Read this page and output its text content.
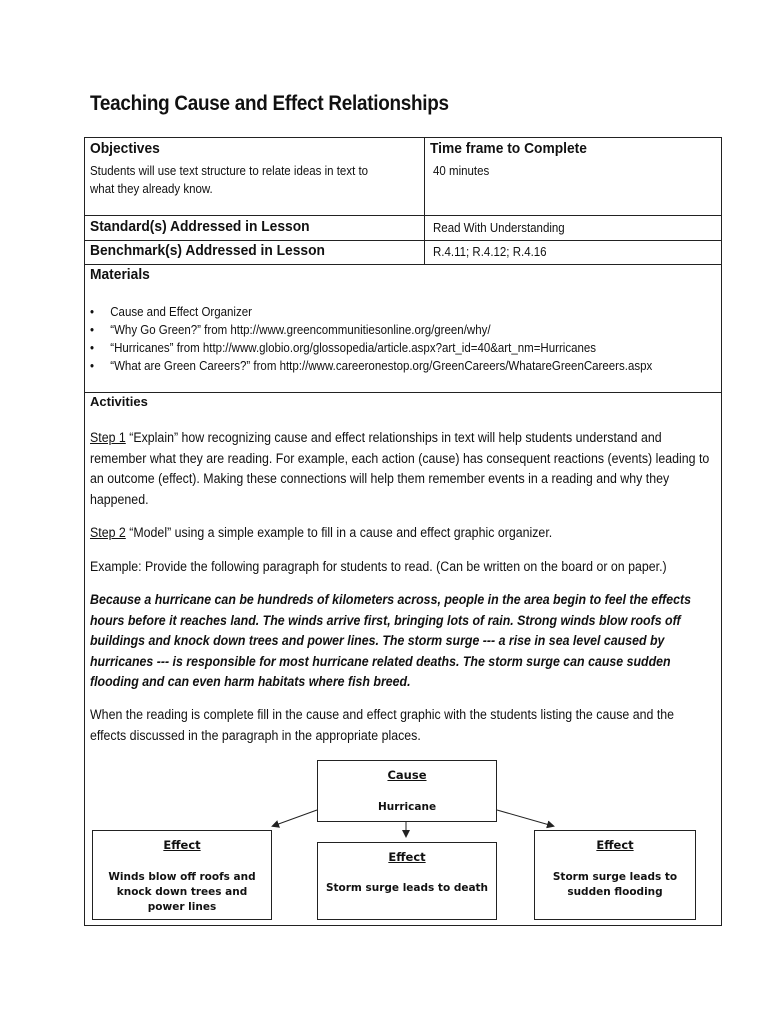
Teaching Cause and Effect Relationships
Objectives
Students will use text structure to relate ideas in text to
what they already know.
Time frame to Complete
40 minutes
Standard(s) Addressed in Lesson	Read With Understanding
Benchmark(s) Addressed in Lesson	R.4.11; R.4.12; R.4.16
Materials
• Cause and Effect Organizer
• “Why Go Green?” from http://www.greencommunitiesonline.org/green/why/
• “Hurricanes” from http://www.globio.org/glossopedia/article.aspx?art_id=40&art_nm=Hurricanes
• “What are Green Careers?” from http://www.careeronestop.org/GreenCareers/WhatareGreenCareers.aspx
Activities
Step 1 “Explain” how recognizing cause and effect relationships in text will help students understand and remember what they are reading. For example, each action (cause) has consequent reactions (events) leading to an outcome (effect). Making these connections will help them remember events in a reading and why they happened.
Step 2 “Model” using a simple example to fill in a cause and effect graphic organizer.
Example: Provide the following paragraph for students to read. (Can be written on the board or on paper.)
Because a hurricane can be hundreds of kilometers across, people in the area begin to feel the effects hours before it reaches land. The winds arrive first, bringing lots of rain. Strong winds blow roofs off buildings and knock down trees and power lines. The storm surge --- a rise in sea level caused by hurricanes --- is responsible for most hurricane related deaths. The storm surge can cause sudden flooding and can even harm habitats where fish breed.
When the reading is complete fill in the cause and effect graphic with the students listing the cause and the effects discussed in the paragraph in the appropriate places.
Cause
Hurricane
Effect
Winds blow off roofs and knock down trees and power lines
Effect
Storm surge leads to death
Effect
Storm surge leads to sudden flooding
